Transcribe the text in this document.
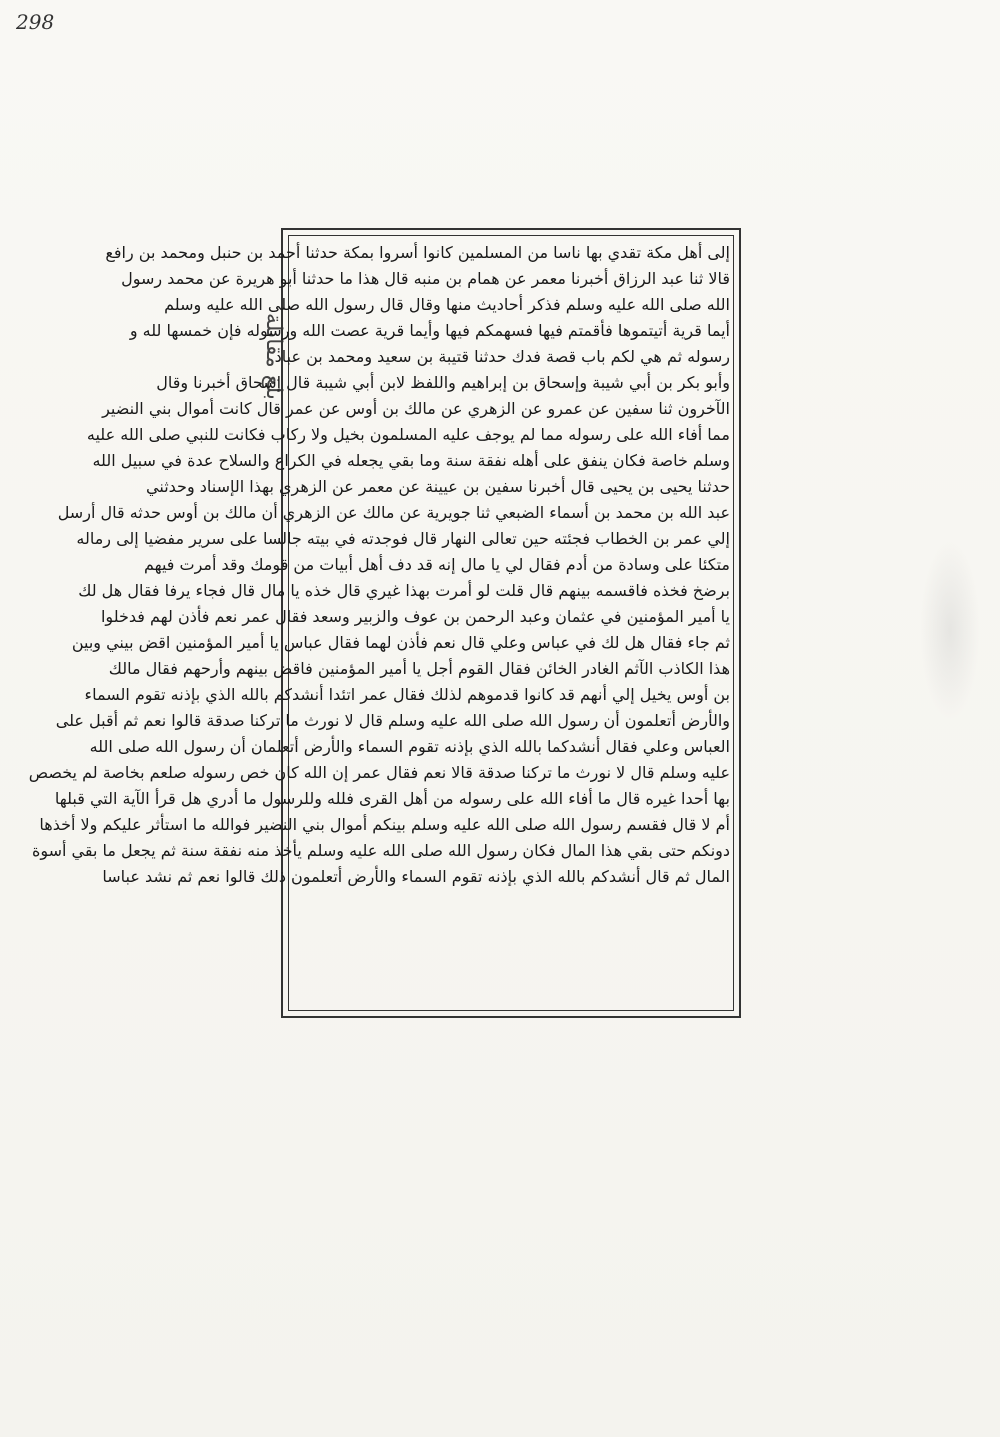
298
بلغ مقابلة
إلى أهل مكة تقدي بها ناسا من المسلمين كانوا أسروا بمكة حدثنا أحمد بن حنبل ومحمد بن رافع
قالا ثنا عبد الرزاق أخبرنا معمر عن همام بن منبه قال هذا ما حدثنا أبو هريرة عن محمد رسول
الله صلى الله عليه وسلم فذكر أحاديث منها وقال قال رسول الله صلى الله عليه وسلم
أيما قرية أتيتموها فأقمتم فيها فسهمكم فيها وأيما قرية عصت الله ورسوله فإن خمسها لله و
رسوله ثم هي لكم باب قصة فدك حدثنا قتيبة بن سعيد ومحمد بن عباد
وأبو بكر بن أبي شيبة وإسحاق بن إبراهيم واللفظ لابن أبي شيبة قال إسحاق أخبرنا وقال
الآخرون ثنا سفين عن عمرو عن الزهري عن مالك بن أوس عن عمر قال كانت أموال بني النضير
مما أفاء الله على رسوله مما لم يوجف عليه المسلمون بخيل ولا ركاب فكانت للنبي صلى الله عليه
وسلم خاصة فكان ينفق على أهله نفقة سنة وما بقي يجعله في الكراع والسلاح عدة في سبيل الله
حدثنا يحيى بن يحيى قال أخبرنا سفين بن عيينة عن معمر عن الزهري بهذا الإسناد وحدثني
عبد الله بن محمد بن أسماء الضبعي ثنا جويرية عن مالك عن الزهري أن مالك بن أوس حدثه قال أرسل
إلي عمر بن الخطاب فجئته حين تعالى النهار قال فوجدته في بيته جالسا على سرير مفضيا إلى رماله
متكئا على وسادة من أدم فقال لي يا مال إنه قد دف أهل أبيات من قومك وقد أمرت فيهم
برضخ فخذه فاقسمه بينهم قال قلت لو أمرت بهذا غيري قال خذه يا مال قال فجاء يرفا فقال هل لك
يا أمير المؤمنين في عثمان وعبد الرحمن بن عوف والزبير وسعد فقال عمر نعم فأذن لهم فدخلوا
ثم جاء فقال هل لك في عباس وعلي قال نعم فأذن لهما فقال عباس يا أمير المؤمنين اقض بيني وبين
هذا الكاذب الآثم الغادر الخائن فقال القوم أجل يا أمير المؤمنين فاقض بينهم وأرحهم فقال مالك
بن أوس يخيل إلي أنهم قد كانوا قدموهم لذلك فقال عمر اتئدا أنشدكم بالله الذي بإذنه تقوم السماء
والأرض أتعلمون أن رسول الله صلى الله عليه وسلم قال لا نورث ما تركنا صدقة قالوا نعم ثم أقبل على
العباس وعلي فقال أنشدكما بالله الذي بإذنه تقوم السماء والأرض أتعلمان أن رسول الله صلى الله
عليه وسلم قال لا نورث ما تركنا صدقة قالا نعم فقال عمر إن الله كان خص رسوله صلعم بخاصة لم يخصص
بها أحدا غيره قال ما أفاء الله على رسوله من أهل القرى فلله وللرسول ما أدري هل قرأ الآية التي قبلها
أم لا قال فقسم رسول الله صلى الله عليه وسلم بينكم أموال بني النضير فوالله ما استأثر عليكم ولا أخذها
دونكم حتى بقي هذا المال فكان رسول الله صلى الله عليه وسلم يأخذ منه نفقة سنة ثم يجعل ما بقي أسوة
المال ثم قال أنشدكم بالله الذي بإذنه تقوم السماء والأرض أتعلمون ذلك قالوا نعم ثم نشد عباسا
